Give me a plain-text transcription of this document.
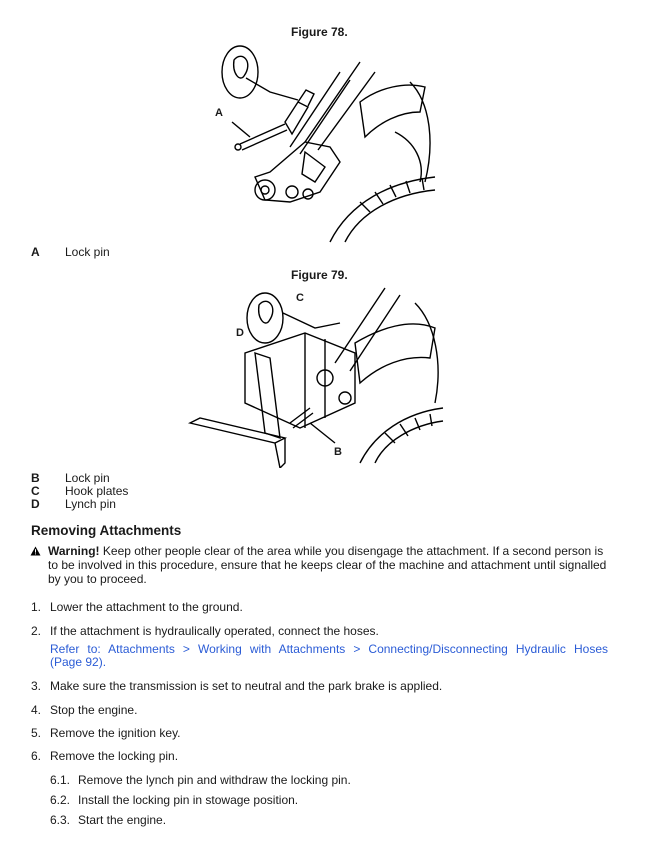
Figure 78.
A
A Lock pin
Figure 79.
C
D
B
B Lock pin
C Hook plates
D Lynch pin
Removing Attachments
Warning! Keep other people clear of the area while you disengage the attachment. If a second person is
to be involved in this procedure, ensure that he keeps clear of the machine and attachment until signalled
by you to proceed.
1. Lower the attachment to the ground.
2. If the attachment is hydraulically operated, connect the hoses.
Refer to: Attachments > Working with Attachments > Connecting/Disconnecting Hydraulic Hoses
(Page 92).
3. Make sure the transmission is set to neutral and the park brake is applied.
4. Stop the engine.
5. Remove the ignition key.
6. Remove the locking pin.
6.1. Remove the lynch pin and withdraw the locking pin.
6.2. Install the locking pin in stowage position.
6.3. Start the engine.
